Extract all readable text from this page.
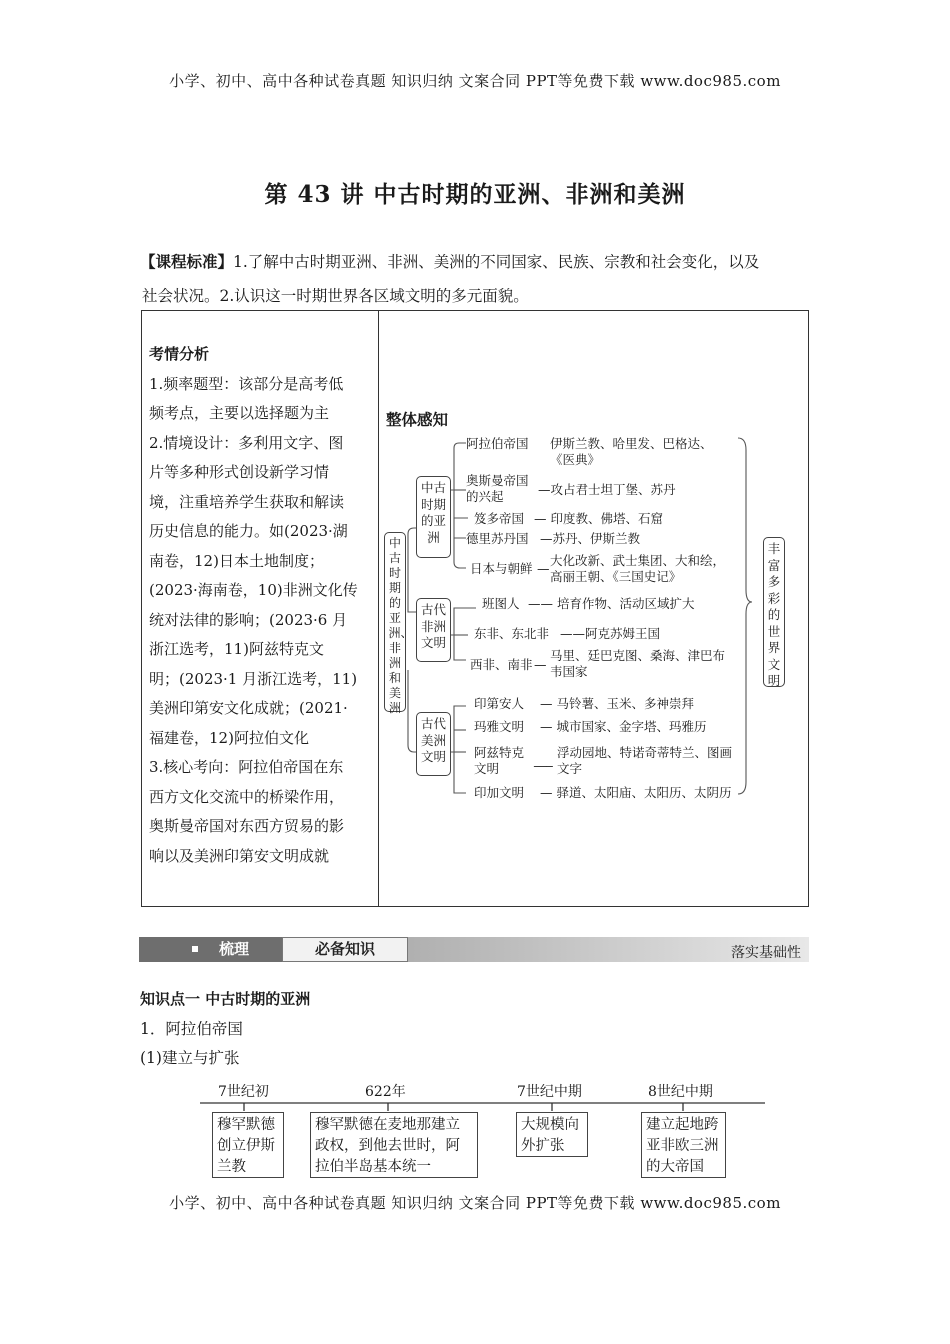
小学、初中、高中各种试卷真题 知识归纳 文案合同 PPT等免费下载 www.doc985.com
第 43 讲 中古时期的亚洲、非洲和美洲
【课程标准】1.了解中古时期亚洲、非洲、美洲的不同国家、民族、宗教和社会变化，以及
社会状况。2.认识这一时期世界各区域文明的多元面貌。
考情分析
1.频率题型：该部分是高考低
频考点，主要以选择题为主
2.情境设计：多利用文字、图
片等多种形式创设新学习情
境，注重培养学生获取和解读
历史信息的能力。如(2023·湖
南卷，12)日本土地制度；
(2023·海南卷，10)非洲文化传
统对法律的影响；(2023·6 月
浙江选考，11)阿兹特克文
明；(2023·1 月浙江选考，11)
美洲印第安文化成就；(2021·
福建卷，12)阿拉伯文化
3.核心考向：阿拉伯帝国在东
西方文化交流中的桥梁作用，
奥斯曼帝国对东西方贸易的影
响以及美洲印第安文明成就
整体感知
中古时期的亚洲、非洲和美洲
中古时期的亚洲
古代非洲文明
古代美洲文明
丰富多彩的世界文明
阿拉伯帝国	伊斯兰教、哈里发、巴格达、《医典》
奥斯曼帝国的兴起	—攻占君士坦丁堡、苏丹
笈多帝国 — 印度教、佛塔、石窟
德里苏丹国 —苏丹、伊斯兰教
日本与朝鲜 —
大化改新、武士集团、大和绘，高丽王朝、《三国史记》
班图人 —— 培育作物、活动区域扩大
东非、东北非 ——阿克苏姆王国
西非、南非 —
马里、廷巴克图、桑海、津巴布韦国家
印第安人 — 马铃薯、玉米、多神崇拜
玛雅文明 — 城市国家、金字塔、玛雅历
阿兹特克文明
___ 浮动园地、特诺奇蒂特兰、图画文字
印加文明 — 驿道、太阳庙、太阳历、太阴历
梳理	必备知识	落实基础性
知识点一 中古时期的亚洲
1．阿拉伯帝国
(1)建立与扩张
7世纪初	622年	7世纪中期	8世纪中期
穆罕默德创立伊斯兰教
穆罕默德在麦地那建立政权，到他去世时，阿拉伯半岛基本统一
大规模向外扩张
建立起地跨亚非欧三洲的大帝国
小学、初中、高中各种试卷真题 知识归纳 文案合同 PPT等免费下载 www.doc985.com
